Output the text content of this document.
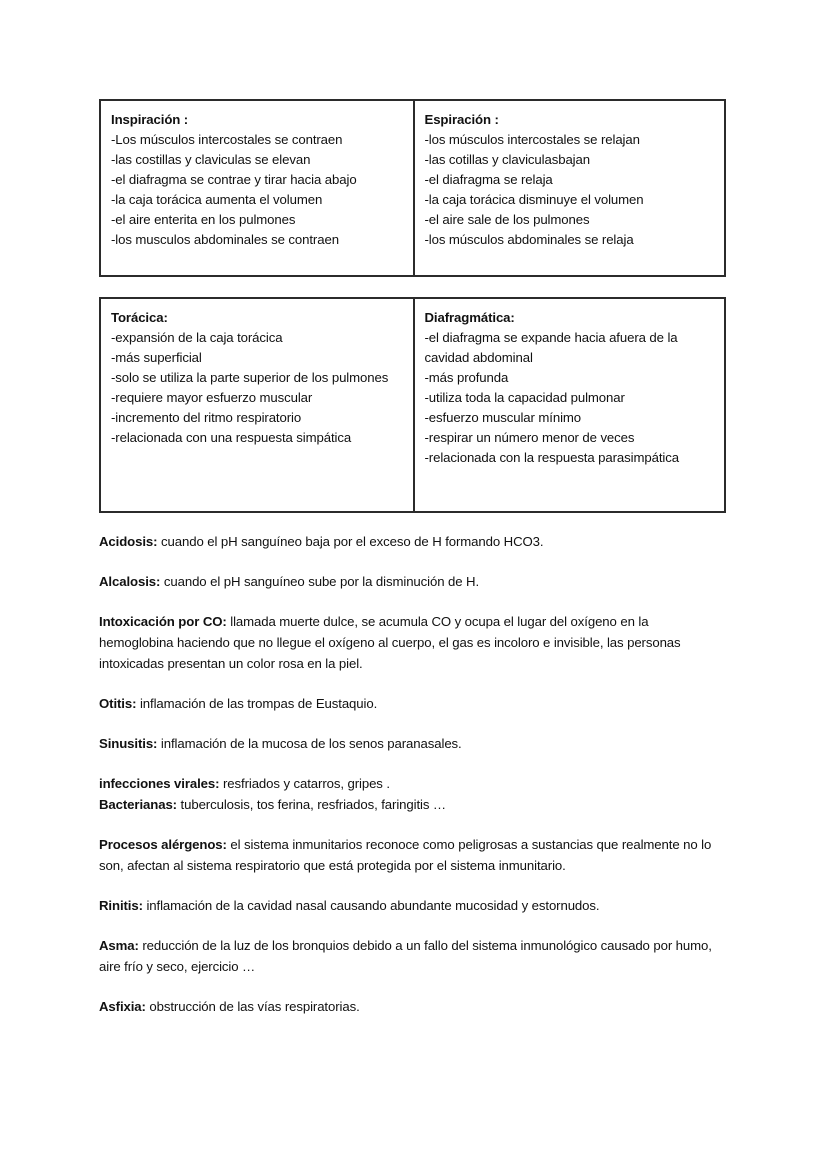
Inspiración :
-Los músculos intercostales se contraen
-las costillas y claviculas se elevan
-el diafragma se contrae y tirar hacia abajo
-la caja torácica aumenta el volumen
-el aire enterita en los pulmones
-los musculos abdominales se contraen
Espiración :
-los músculos intercostales se relajan
-las cotillas y claviculasbajan
-el diafragma se relaja
-la caja torácica disminuye el volumen
-el aire sale de los pulmones
-los músculos abdominales se relaja
Torácica:
-expansión de la caja torácica
-más superficial
-solo se utiliza la parte superior de los pulmones
-requiere mayor esfuerzo muscular
-incremento del ritmo respiratorio
-relacionada con una respuesta simpática
Diafragmática:
-el diafragma se expande hacia afuera de la cavidad abdominal
-más profunda
-utiliza toda la capacidad pulmonar
-esfuerzo muscular mínimo
-respirar un número menor de veces
-relacionada con la respuesta parasimpática

Acidosis: cuando el pH sanguíneo baja por el exceso de H formando HCO3.

Alcalosis: cuando el pH sanguíneo sube por la disminución de H.

Intoxicación por CO: llamada muerte dulce, se acumula CO y ocupa el lugar del oxígeno en la hemoglobina haciendo que no llegue el oxígeno al cuerpo, el gas es incoloro e invisible, las personas intoxicadas presentan un color rosa en la piel.

Otitis: inflamación de las trompas de Eustaquio.

Sinusitis: inflamación de la mucosa de los senos paranasales.

infecciones virales: resfriados y catarros, gripes .
Bacterianas: tuberculosis, tos ferina, resfriados, faringitis …

Procesos alérgenos: el sistema inmunitarios reconoce como peligrosas a sustancias que realmente no lo son, afectan al sistema respiratorio que está protegida por el sistema inmunitario.

Rinitis: inflamación de la cavidad nasal causando abundante mucosidad y estornudos.

Asma: reducción de la luz de los bronquios debido a un fallo del sistema inmunológico causado por humo, aire frío y seco, ejercicio …

Asfixia: obstrucción de las vías respiratorias.
